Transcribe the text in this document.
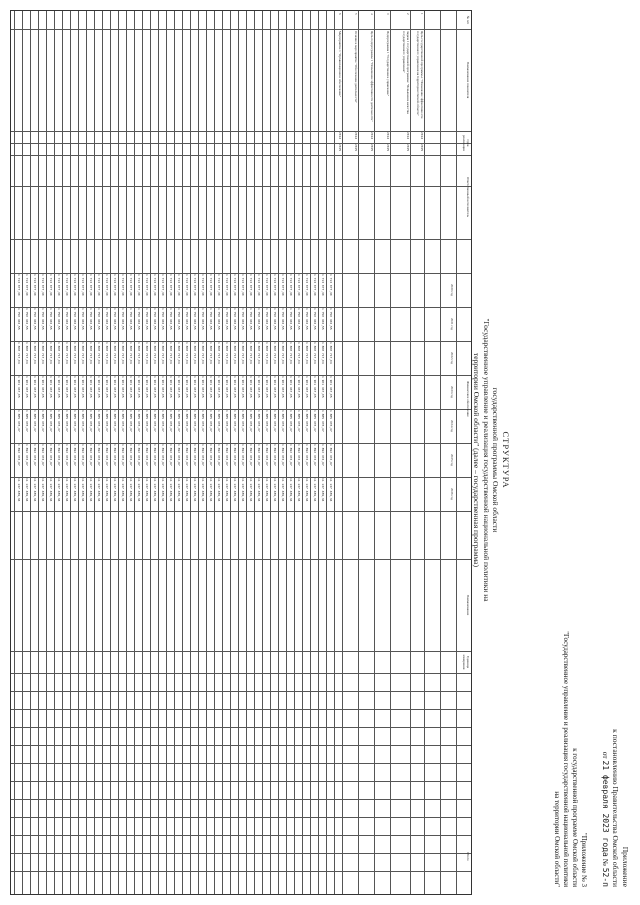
Приложение
к постановлению Правительства Омской области
от 21 февраля 2023 года № 52-п
"Приложение № 3
к государственной программе Омской области
"Государственное управление и реализация государственной национальной политики
на территории Омской области"
СТРУКТУРА
государственной программы Омской области
"Государственное управление и реализация государственной национальной политики на
территории Омской области" (далее – государственная программа)
№ п/п
Наименование показателя
Срок реализации
Ответственный исполнитель
Финансовое обеспечение
Наименование
Единица измерения
Итого
2020 год
2021 год
2022 год
2023 год
2024 год
2025 год
2026 год
1
Цель государственной программы: "Повышение эффективности государственного управления на территории Омской области"
2014
2025
2
Задача 1 государственной программы: "Повышение качества государственного управления"
2014
2025
3
Подпрограмма 1 "Государственное управление"
2014
2025
4
Цель подпрограммы 1 "Повышение эффективности деятельности"
2014
2025
5
Основное мероприятие "Обеспечение деятельности"
2014
2025
6
Мероприятие 1 "Организационное обеспечение"
2014
2025
1 713 677,30
1 750 402,55
1 808 717,04
1 901 437,05
1 885 476,47
1 892 474,97
11 137 489,34
1 713 677,30
1 750 402,55
1 808 717,04
1 901 437,05
1 885 476,47
1 892 474,97
11 137 489,34
1 713 677,30
1 750 402,55
1 808 717,04
1 901 437,05
1 885 476,47
1 892 474,97
11 137 489,34
1 713 677,30
1 750 402,55
1 808 717,04
1 901 437,05
1 885 476,47
1 892 474,97
11 137 489,34
1 713 677,30
1 750 402,55
1 808 717,04
1 901 437,05
1 885 476,47
1 892 474,97
11 137 489,34
1 713 677,30
1 750 402,55
1 808 717,04
1 901 437,05
1 885 476,47
1 892 474,97
11 137 489,34
1 713 677,30
1 750 402,55
1 808 717,04
1 901 437,05
1 885 476,47
1 892 474,97
11 137 489,34
1 713 677,30
1 750 402,55
1 808 717,04
1 901 437,05
1 885 476,47
1 892 474,97
11 137 489,34
1 713 677,30
1 750 402,55
1 808 717,04
1 901 437,05
1 885 476,47
1 892 474,97
11 137 489,34
1 713 677,30
1 750 402,55
1 808 717,04
1 901 437,05
1 885 476,47
1 892 474,97
11 137 489,34
1 713 677,30
1 750 402,55
1 808 717,04
1 901 437,05
1 885 476,47
1 892 474,97
11 137 489,34
1 713 677,30
1 750 402,55
1 808 717,04
1 901 437,05
1 885 476,47
1 892 474,97
11 137 489,34
1 713 677,30
1 750 402,55
1 808 717,04
1 901 437,05
1 885 476,47
1 892 474,97
11 137 489,34
1 713 677,30
1 750 402,55
1 808 717,04
1 901 437,05
1 885 476,47
1 892 474,97
11 137 489,34
1 713 677,30
1 750 402,55
1 808 717,04
1 901 437,05
1 885 476,47
1 892 474,97
11 137 489,34
1 713 677,30
1 750 402,55
1 808 717,04
1 901 437,05
1 885 476,47
1 892 474,97
11 137 489,34
1 713 677,30
1 750 402,55
1 808 717,04
1 901 437,05
1 885 476,47
1 892 474,97
11 137 489,34
1 713 677,30
1 750 402,55
1 808 717,04
1 901 437,05
1 885 476,47
1 892 474,97
11 137 489,34
1 713 677,30
1 750 402,55
1 808 717,04
1 901 437,05
1 885 476,47
1 892 474,97
11 137 489,34
1 713 677,30
1 750 402,55
1 808 717,04
1 901 437,05
1 885 476,47
1 892 474,97
11 137 489,34
1 713 677,30
1 750 402,55
1 808 717,04
1 901 437,05
1 885 476,47
1 892 474,97
11 137 489,34
1 713 677,30
1 750 402,55
1 808 717,04
1 901 437,05
1 885 476,47
1 892 474,97
11 137 489,34
1 713 677,30
1 750 402,55
1 808 717,04
1 901 437,05
1 885 476,47
1 892 474,97
11 137 489,34
1 713 677,30
1 750 402,55
1 808 717,04
1 901 437,05
1 885 476,47
1 892 474,97
11 137 489,34
1 713 677,30
1 750 402,55
1 808 717,04
1 901 437,05
1 885 476,47
1 892 474,97
11 137 489,34
1 713 677,30
1 750 402,55
1 808 717,04
1 901 437,05
1 885 476,47
1 892 474,97
11 137 489,34
1 713 677,30
1 750 402,55
1 808 717,04
1 901 437,05
1 885 476,47
1 892 474,97
11 137 489,34
1 713 677,30
1 750 402,55
1 808 717,04
1 901 437,05
1 885 476,47
1 892 474,97
11 137 489,34
1 713 677,30
1 750 402,55
1 808 717,04
1 901 437,05
1 885 476,47
1 892 474,97
11 137 489,34
1 713 677,30
1 750 402,55
1 808 717,04
1 901 437,05
1 885 476,47
1 892 474,97
11 137 489,34
1 713 677,30
1 750 402,55
1 808 717,04
1 901 437,05
1 885 476,47
1 892 474,97
11 137 489,34
1 713 677,30
1 750 402,55
1 808 717,04
1 901 437,05
1 885 476,47
1 892 474,97
11 137 489,34
1 713 677,30
1 750 402,55
1 808 717,04
1 901 437,05
1 885 476,47
1 892 474,97
11 137 489,34
1 713 677,30
1 750 402,55
1 808 717,04
1 901 437,05
1 885 476,47
1 892 474,97
11 137 489,34
1 713 677,30
1 750 402,55
1 808 717,04
1 901 437,05
1 885 476,47
1 892 474,97
11 137 489,34
1 713 677,30
1 750 402,55
1 808 717,04
1 901 437,05
1 885 476,47
1 892 474,97
11 137 489,34
1 713 677,30
1 750 402,55
1 808 717,04
1 901 437,05
1 885 476,47
1 892 474,97
11 137 489,34
1 713 677,30
1 750 402,55
1 808 717,04
1 901 437,05
1 885 476,47
1 892 474,97
11 137 489,34
1 713 677,30
1 750 402,55
1 808 717,04
1 901 437,05
1 885 476,47
1 892 474,97
11 137 489,34
1 713 677,30
1 750 402,55
1 808 717,04
1 901 437,05
1 885 476,47
1 892 474,97
11 137 489,34
